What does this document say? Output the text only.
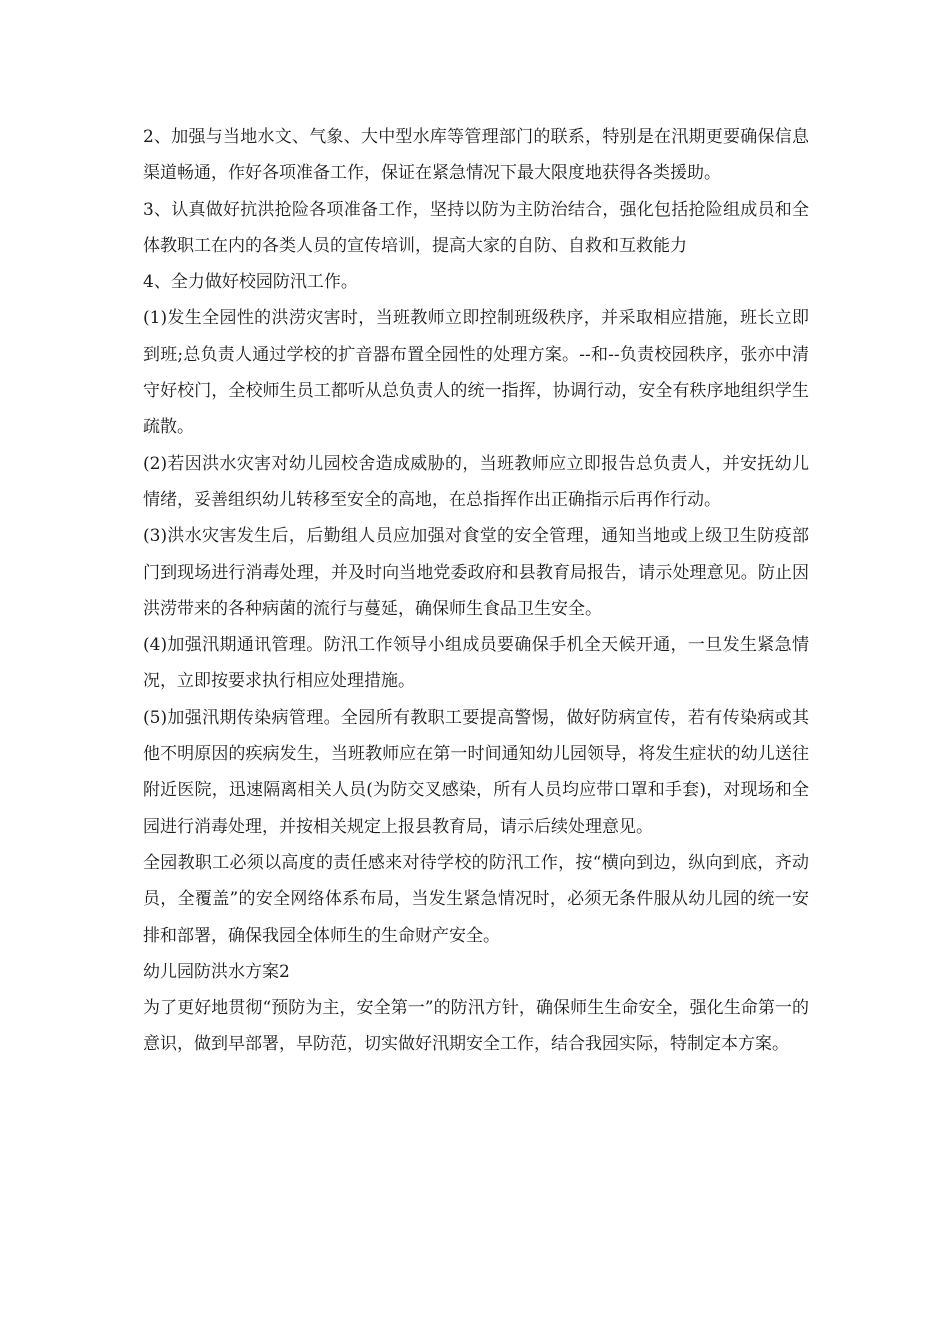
2、加强与当地水文、气象、大中型水库等管理部门的联系，特别是在汛期更要确保信息渠道畅通，作好各项准备工作，保证在紧急情况下最大限度地获得各类援助。

3、认真做好抗洪抢险各项准备工作，坚持以防为主防治结合，强化包括抢险组成员和全体教职工在内的各类人员的宣传培训，提高大家的自防、自救和互救能力

4、全力做好校园防汛工作。

(1)发生全园性的洪涝灾害时，当班教师立即控制班级秩序，并采取相应措施，班长立即到班;总负责人通过学校的扩音器布置全园性的处理方案。--和--负责校园秩序，张亦中清守好校门，全校师生员工都听从总负责人的统一指挥，协调行动，安全有秩序地组织学生疏散。

(2)若因洪水灾害对幼儿园校舍造成威胁的，当班教师应立即报告总负责人，并安抚幼儿情绪，妥善组织幼儿转移至安全的高地，在总指挥作出正确指示后再作行动。

(3)洪水灾害发生后，后勤组人员应加强对食堂的安全管理，通知当地或上级卫生防疫部门到现场进行消毒处理，并及时向当地党委政府和县教育局报告，请示处理意见。防止因洪涝带来的各种病菌的流行与蔓延，确保师生食品卫生安全。

(4)加强汛期通讯管理。防汛工作领导小组成员要确保手机全天候开通，一旦发生紧急情况，立即按要求执行相应处理措施。

(5)加强汛期传染病管理。全园所有教职工要提高警惕，做好防病宣传，若有传染病或其他不明原因的疾病发生，当班教师应在第一时间通知幼儿园领导，将发生症状的幼儿送往附近医院，迅速隔离相关人员(为防交叉感染，所有人员均应带口罩和手套)，对现场和全园进行消毒处理，并按相关规定上报县教育局，请示后续处理意见。

全园教职工必须以高度的责任感来对待学校的防汛工作，按“横向到边，纵向到底，齐动员，全覆盖”的安全网络体系布局，当发生紧急情况时，必须无条件服从幼儿园的统一安排和部署，确保我园全体师生的生命财产安全。

幼儿园防洪水方案2

为了更好地贯彻“预防为主，安全第一”的防汛方针，确保师生生命安全，强化生命第一的意识，做到早部署，早防范，切实做好汛期安全工作，结合我园实际，特制定本方案。
